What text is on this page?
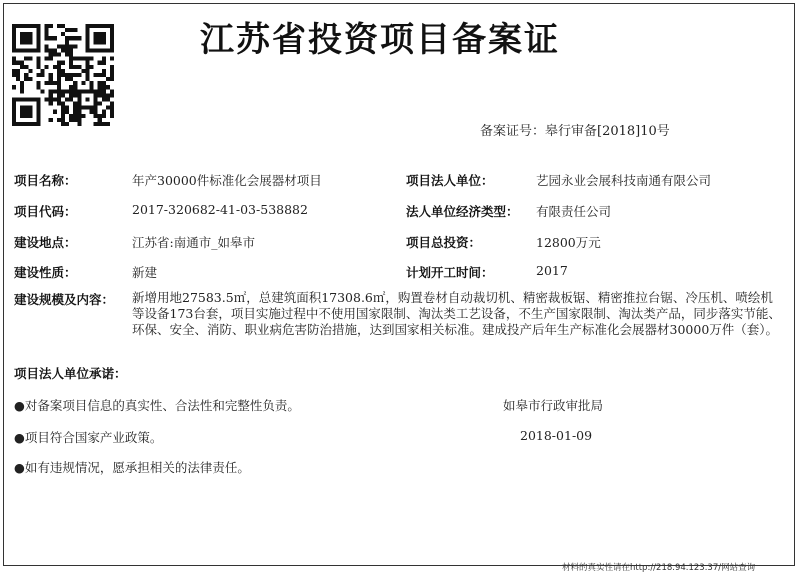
江苏省投资项目备案证
备案证号：皋行审备[2018]10号
项目名称：	年产30000件标准化会展器材项目	项目法人单位：	艺园永业会展科技南通有限公司
项目代码：	2017-320682-41-03-538882	法人单位经济类型： 有限责任公司
建设地点：	江苏省:南通市_如皋市	项目总投资：	12800万元
建设性质：	新建	计划开工时间：	2017
建设规模及内容： 新增用地27583.5㎡，总建筑面积17308.6㎡，购置卷材自动裁切机、精密裁板锯、精密推拉台锯、冷压机、喷绘机等设备173台套，项目实施过程中不使用国家限制、淘汰类工艺设备，不生产国家限制、淘汰类产品，同步落实节能、环保、安全、消防、职业病危害防治措施，达到国家相关标准。建成投产后年生产标准化会展器材30000万件（套）。
项目法人单位承诺：
●对备案项目信息的真实性、合法性和完整性负责。
●项目符合国家产业政策。
●如有违规情况，愿承担相关的法律责任。
如皋市行政审批局
2018-01-09
材料的真实性请在http://218.94.123.37/网站查询
